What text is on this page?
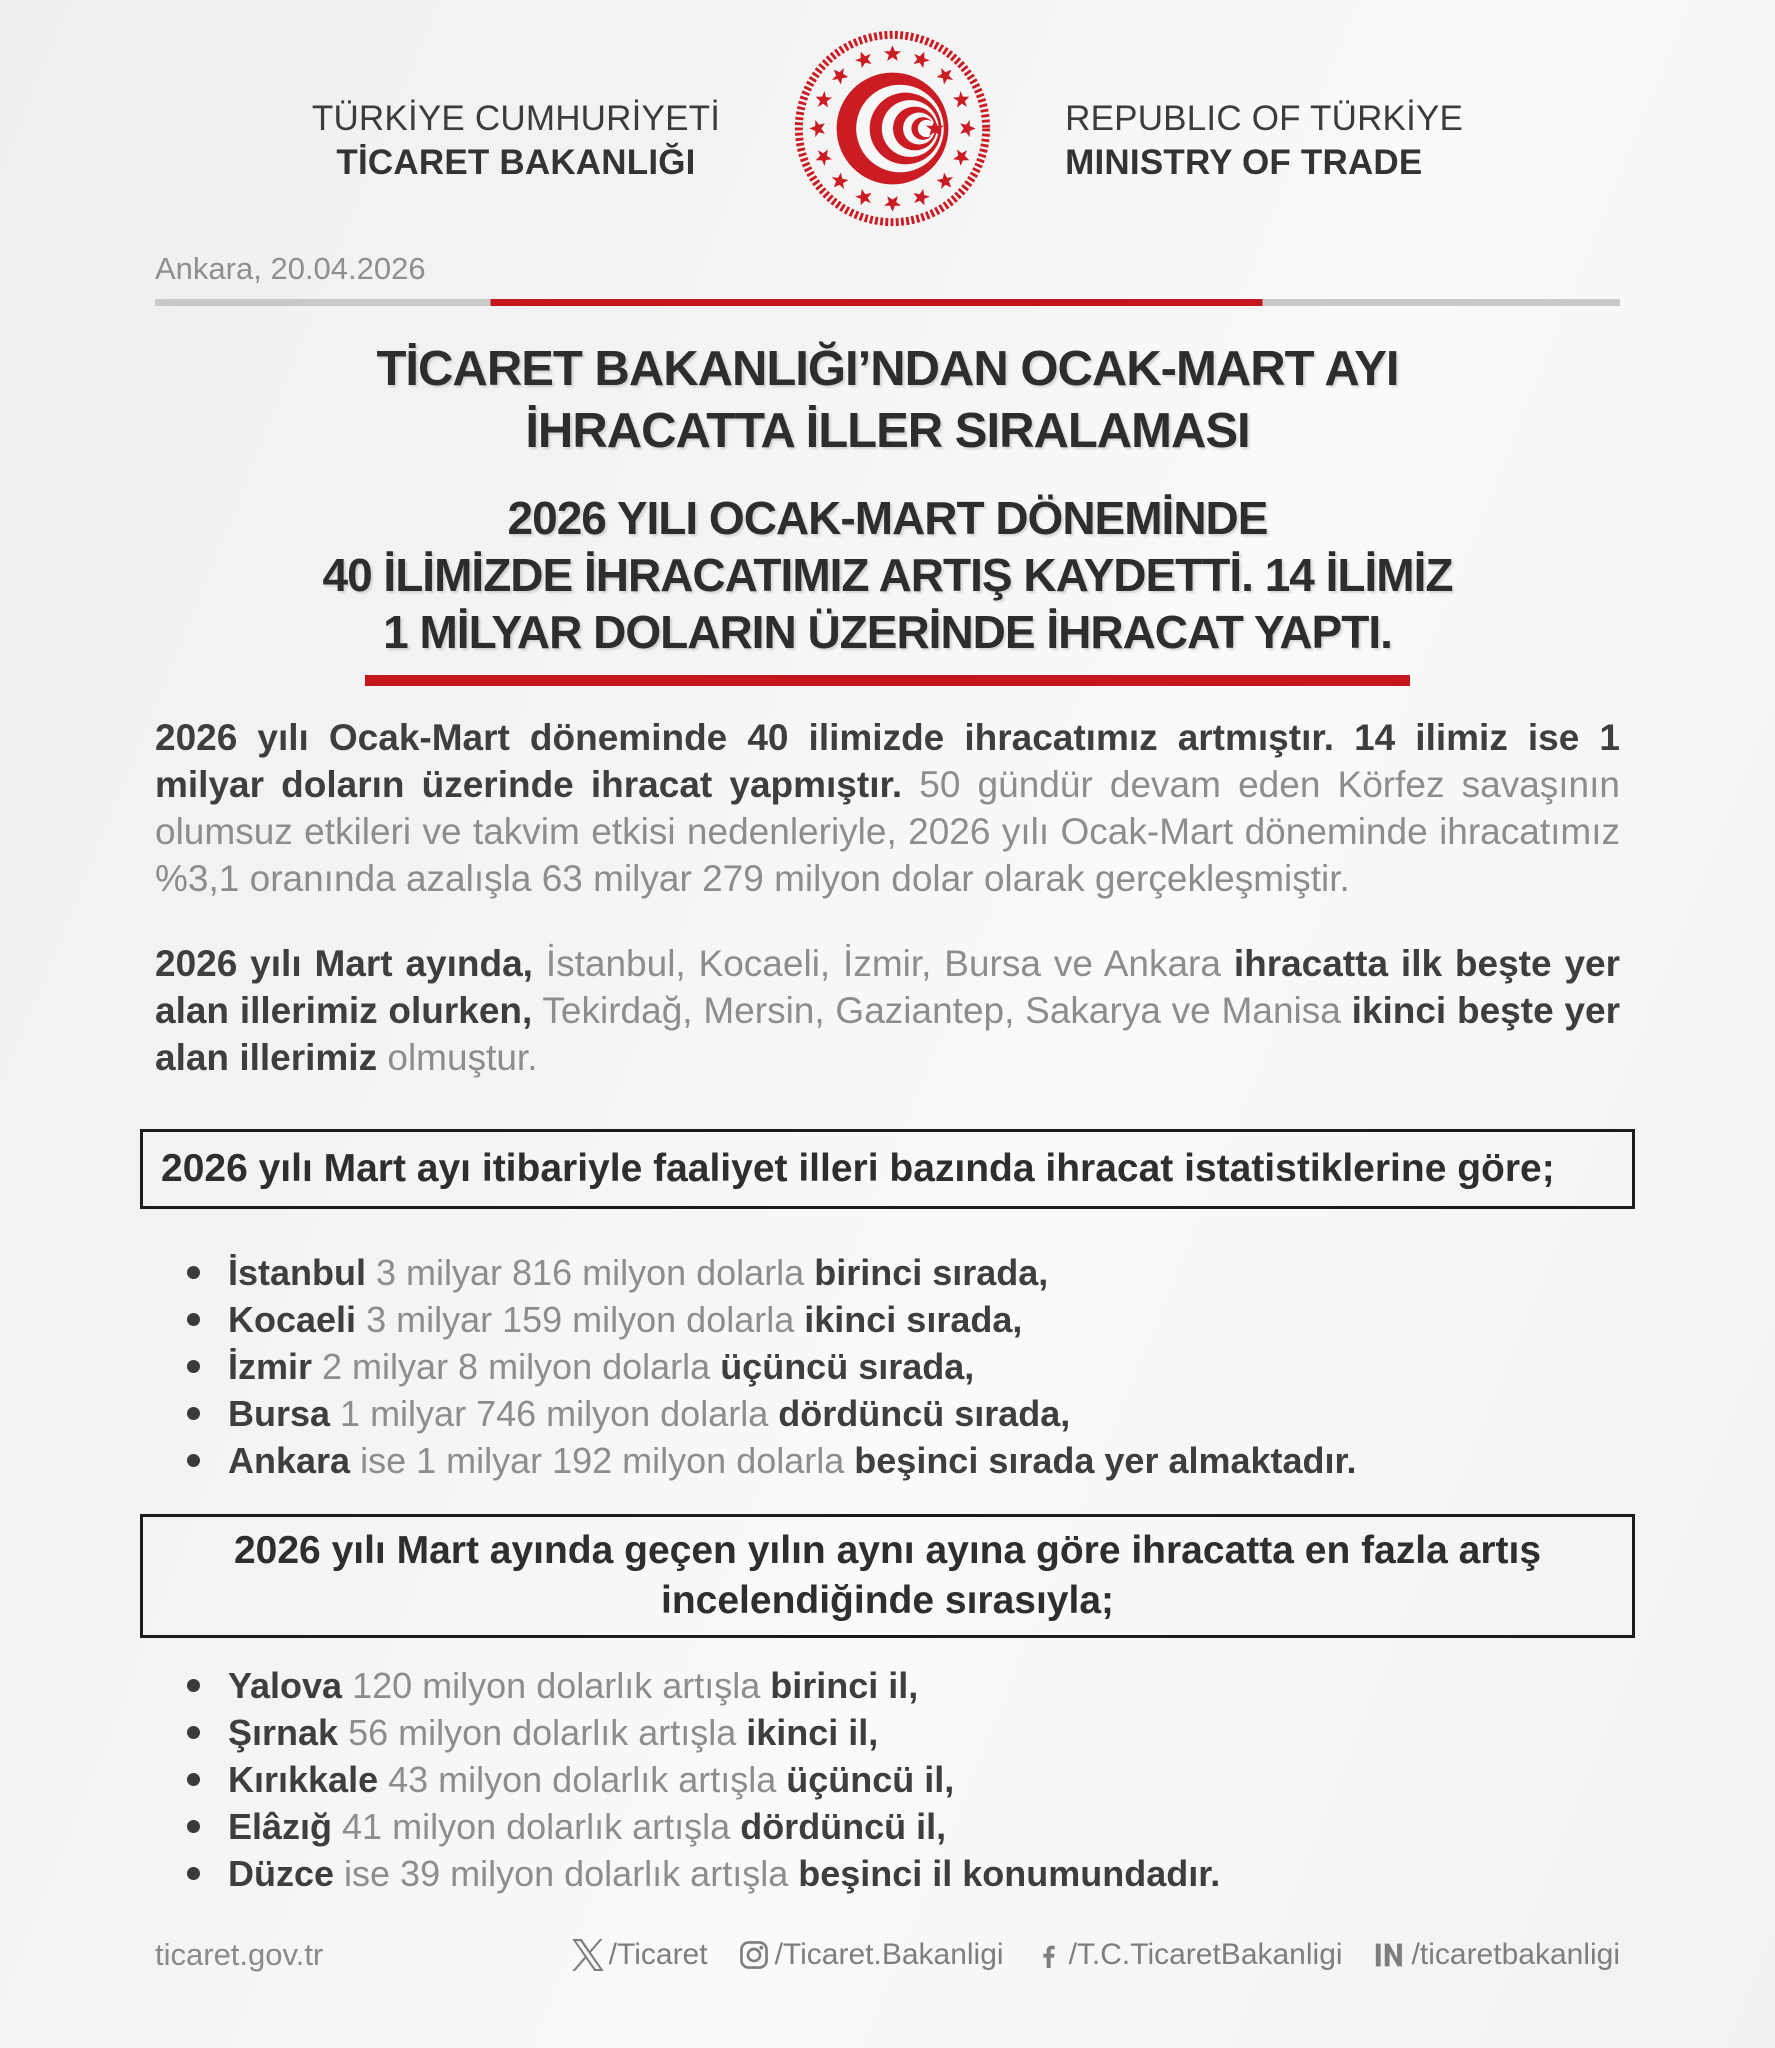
TÜRKİYE CUMHURİYETİ
TİCARET BAKANLIĞI
REPUBLIC OF TÜRKİYE
MINISTRY OF TRADE
Ankara, 20.04.2026
TİCARET BAKANLIĞI’NDAN OCAK-MART AYI
İHRACATTA İLLER SIRALAMASI
2026 YILI OCAK-MART DÖNEMİNDE
40 İLİMİZDE İHRACATIMIZ ARTIŞ KAYDETTİ. 14 İLİMİZ
1 MİLYAR DOLARIN ÜZERİNDE İHRACAT YAPTI.

2026 yılı Ocak-Mart döneminde 40 ilimizde ihracatımız artmıştır. 14 ilimiz ise 1 milyar doların üzerinde ihracat yapmıştır. 50 gündür devam eden Körfez savaşının olumsuz etkileri ve takvim etkisi nedenleriyle, 2026 yılı Ocak-Mart döneminde ihracatımız %3,1 oranında azalışla 63 milyar 279 milyon dolar olarak gerçekleşmiştir.

2026 yılı Mart ayında, İstanbul, Kocaeli, İzmir, Bursa ve Ankara ihracatta ilk beşte yer alan illerimiz olurken, Tekirdağ, Mersin, Gaziantep, Sakarya ve Manisa ikinci beşte yer alan illerimiz olmuştur.

2026 yılı Mart ayı itibariyle faaliyet illeri bazında ihracat istatistiklerine göre;
İstanbul 3 milyar 816 milyon dolarla birinci sırada,
Kocaeli 3 milyar 159 milyon dolarla ikinci sırada,
İzmir 2 milyar 8 milyon dolarla üçüncü sırada,
Bursa 1 milyar 746 milyon dolarla dördüncü sırada,
Ankara ise 1 milyar 192 milyon dolarla beşinci sırada yer almaktadır.
2026 yılı Mart ayında geçen yılın aynı ayına göre ihracatta en fazla artış
incelendiğinde sırasıyla;
Yalova 120 milyon dolarlık artışla birinci il,
Şırnak 56 milyon dolarlık artışla ikinci il,
Kırıkkale 43 milyon dolarlık artışla üçüncü il,
Elâzığ 41 milyon dolarlık artışla dördüncü il,
Düzce ise 39 milyon dolarlık artışla beşinci il konumundadır.
ticaret.gov.tr	/Ticaret /Ticaret.Bakanligi /T.C.TicaretBakanligi /ticaretbakanligi
